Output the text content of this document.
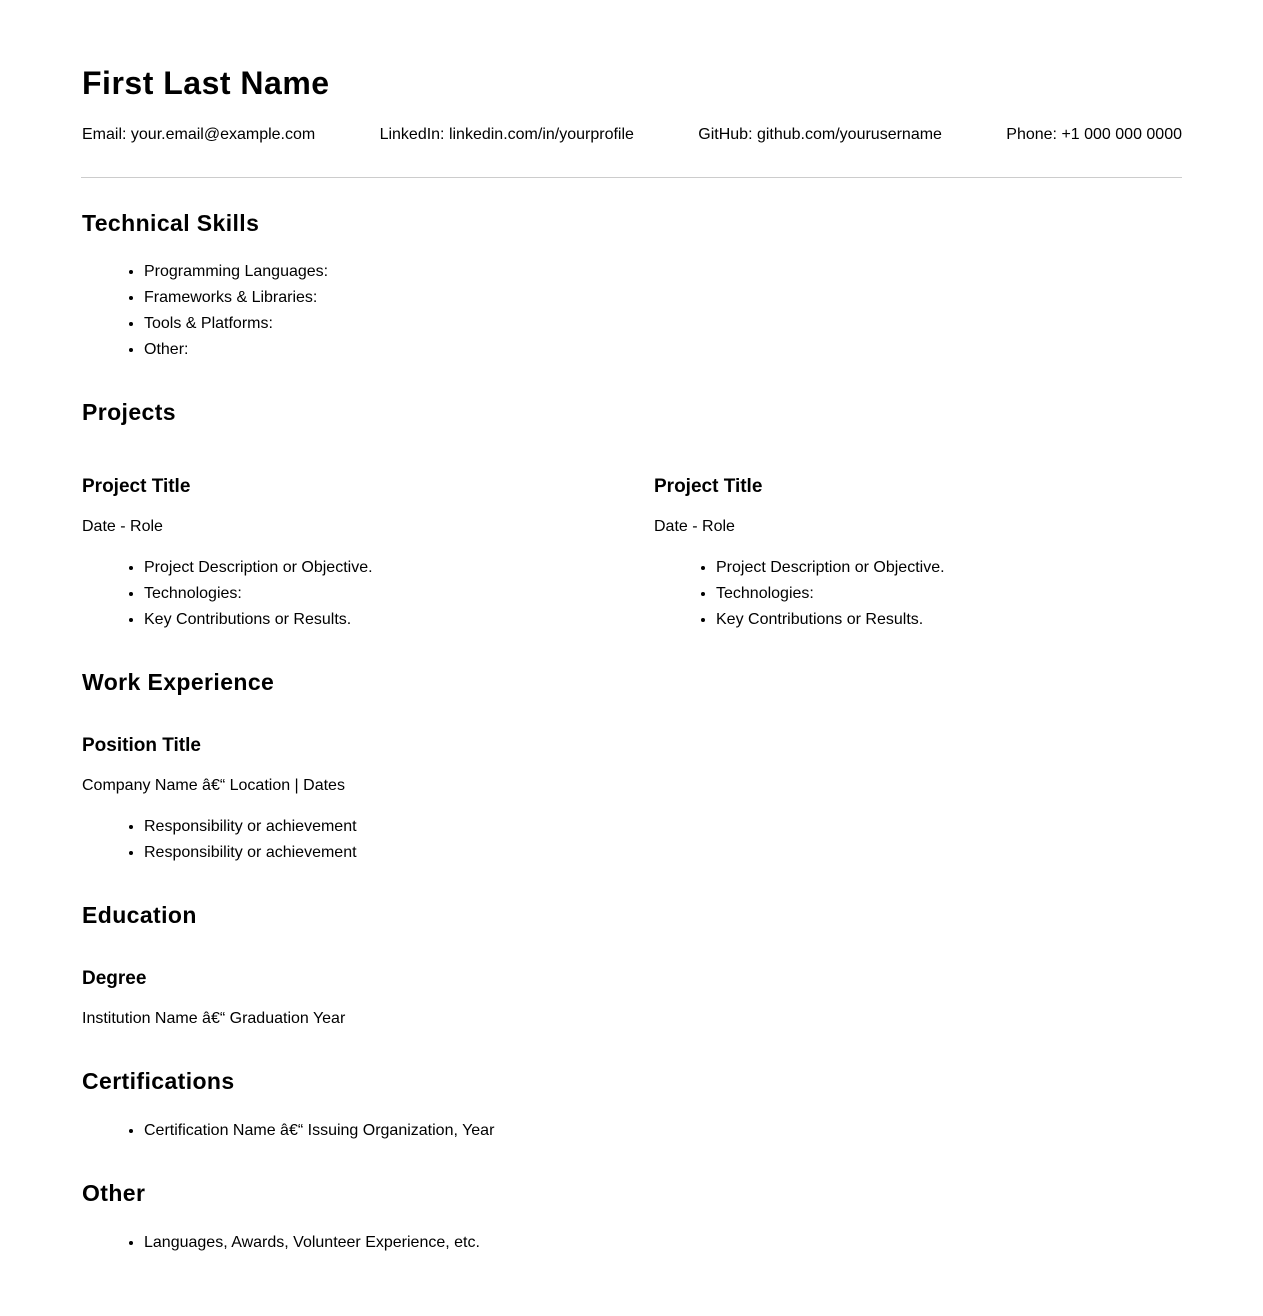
First Last Name
Email: your.email@example.com	LinkedIn: linkedin.com/in/yourprofile	GitHub: github.com/yourusername	Phone: +1 000 000 0000
Technical Skills
• Programming Languages:
• Frameworks & Libraries:
• Tools & Platforms:
• Other:
Projects
Project Title
Date - Role
• Project Description or Objective.
• Technologies:
• Key Contributions or Results.
Project Title
Date - Role
• Project Description or Objective.
• Technologies:
• Key Contributions or Results.
Work Experience
Position Title
Company Name â€“ Location | Dates
• Responsibility or achievement
• Responsibility or achievement
Education
Degree
Institution Name â€“ Graduation Year
Certifications
• Certification Name â€“ Issuing Organization, Year
Other
• Languages, Awards, Volunteer Experience, etc.
